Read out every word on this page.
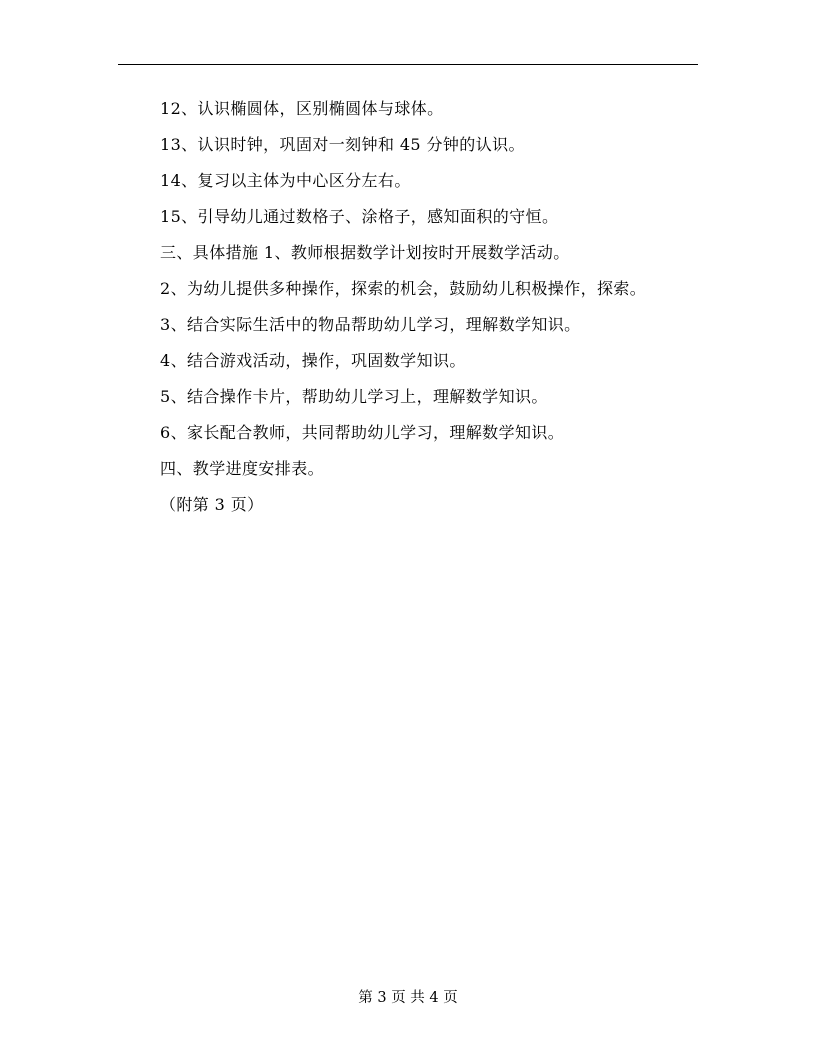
12、认识椭圆体，区别椭圆体与球体。
13、认识时钟，巩固对一刻钟和 45 分钟的认识。
14、复习以主体为中心区分左右。
15、引导幼儿通过数格子、涂格子，感知面积的守恒。
三、具体措施 1、教师根据数学计划按时开展数学活动。
2、为幼儿提供多种操作，探索的机会，鼓励幼儿积极操作，探索。
3、结合实际生活中的物品帮助幼儿学习，理解数学知识。
4、结合游戏活动，操作，巩固数学知识。
5、结合操作卡片，帮助幼儿学习上，理解数学知识。
6、家长配合教师，共同帮助幼儿学习，理解数学知识。
四、教学进度安排表。
（附第 3 页）
第 3 页 共 4 页
